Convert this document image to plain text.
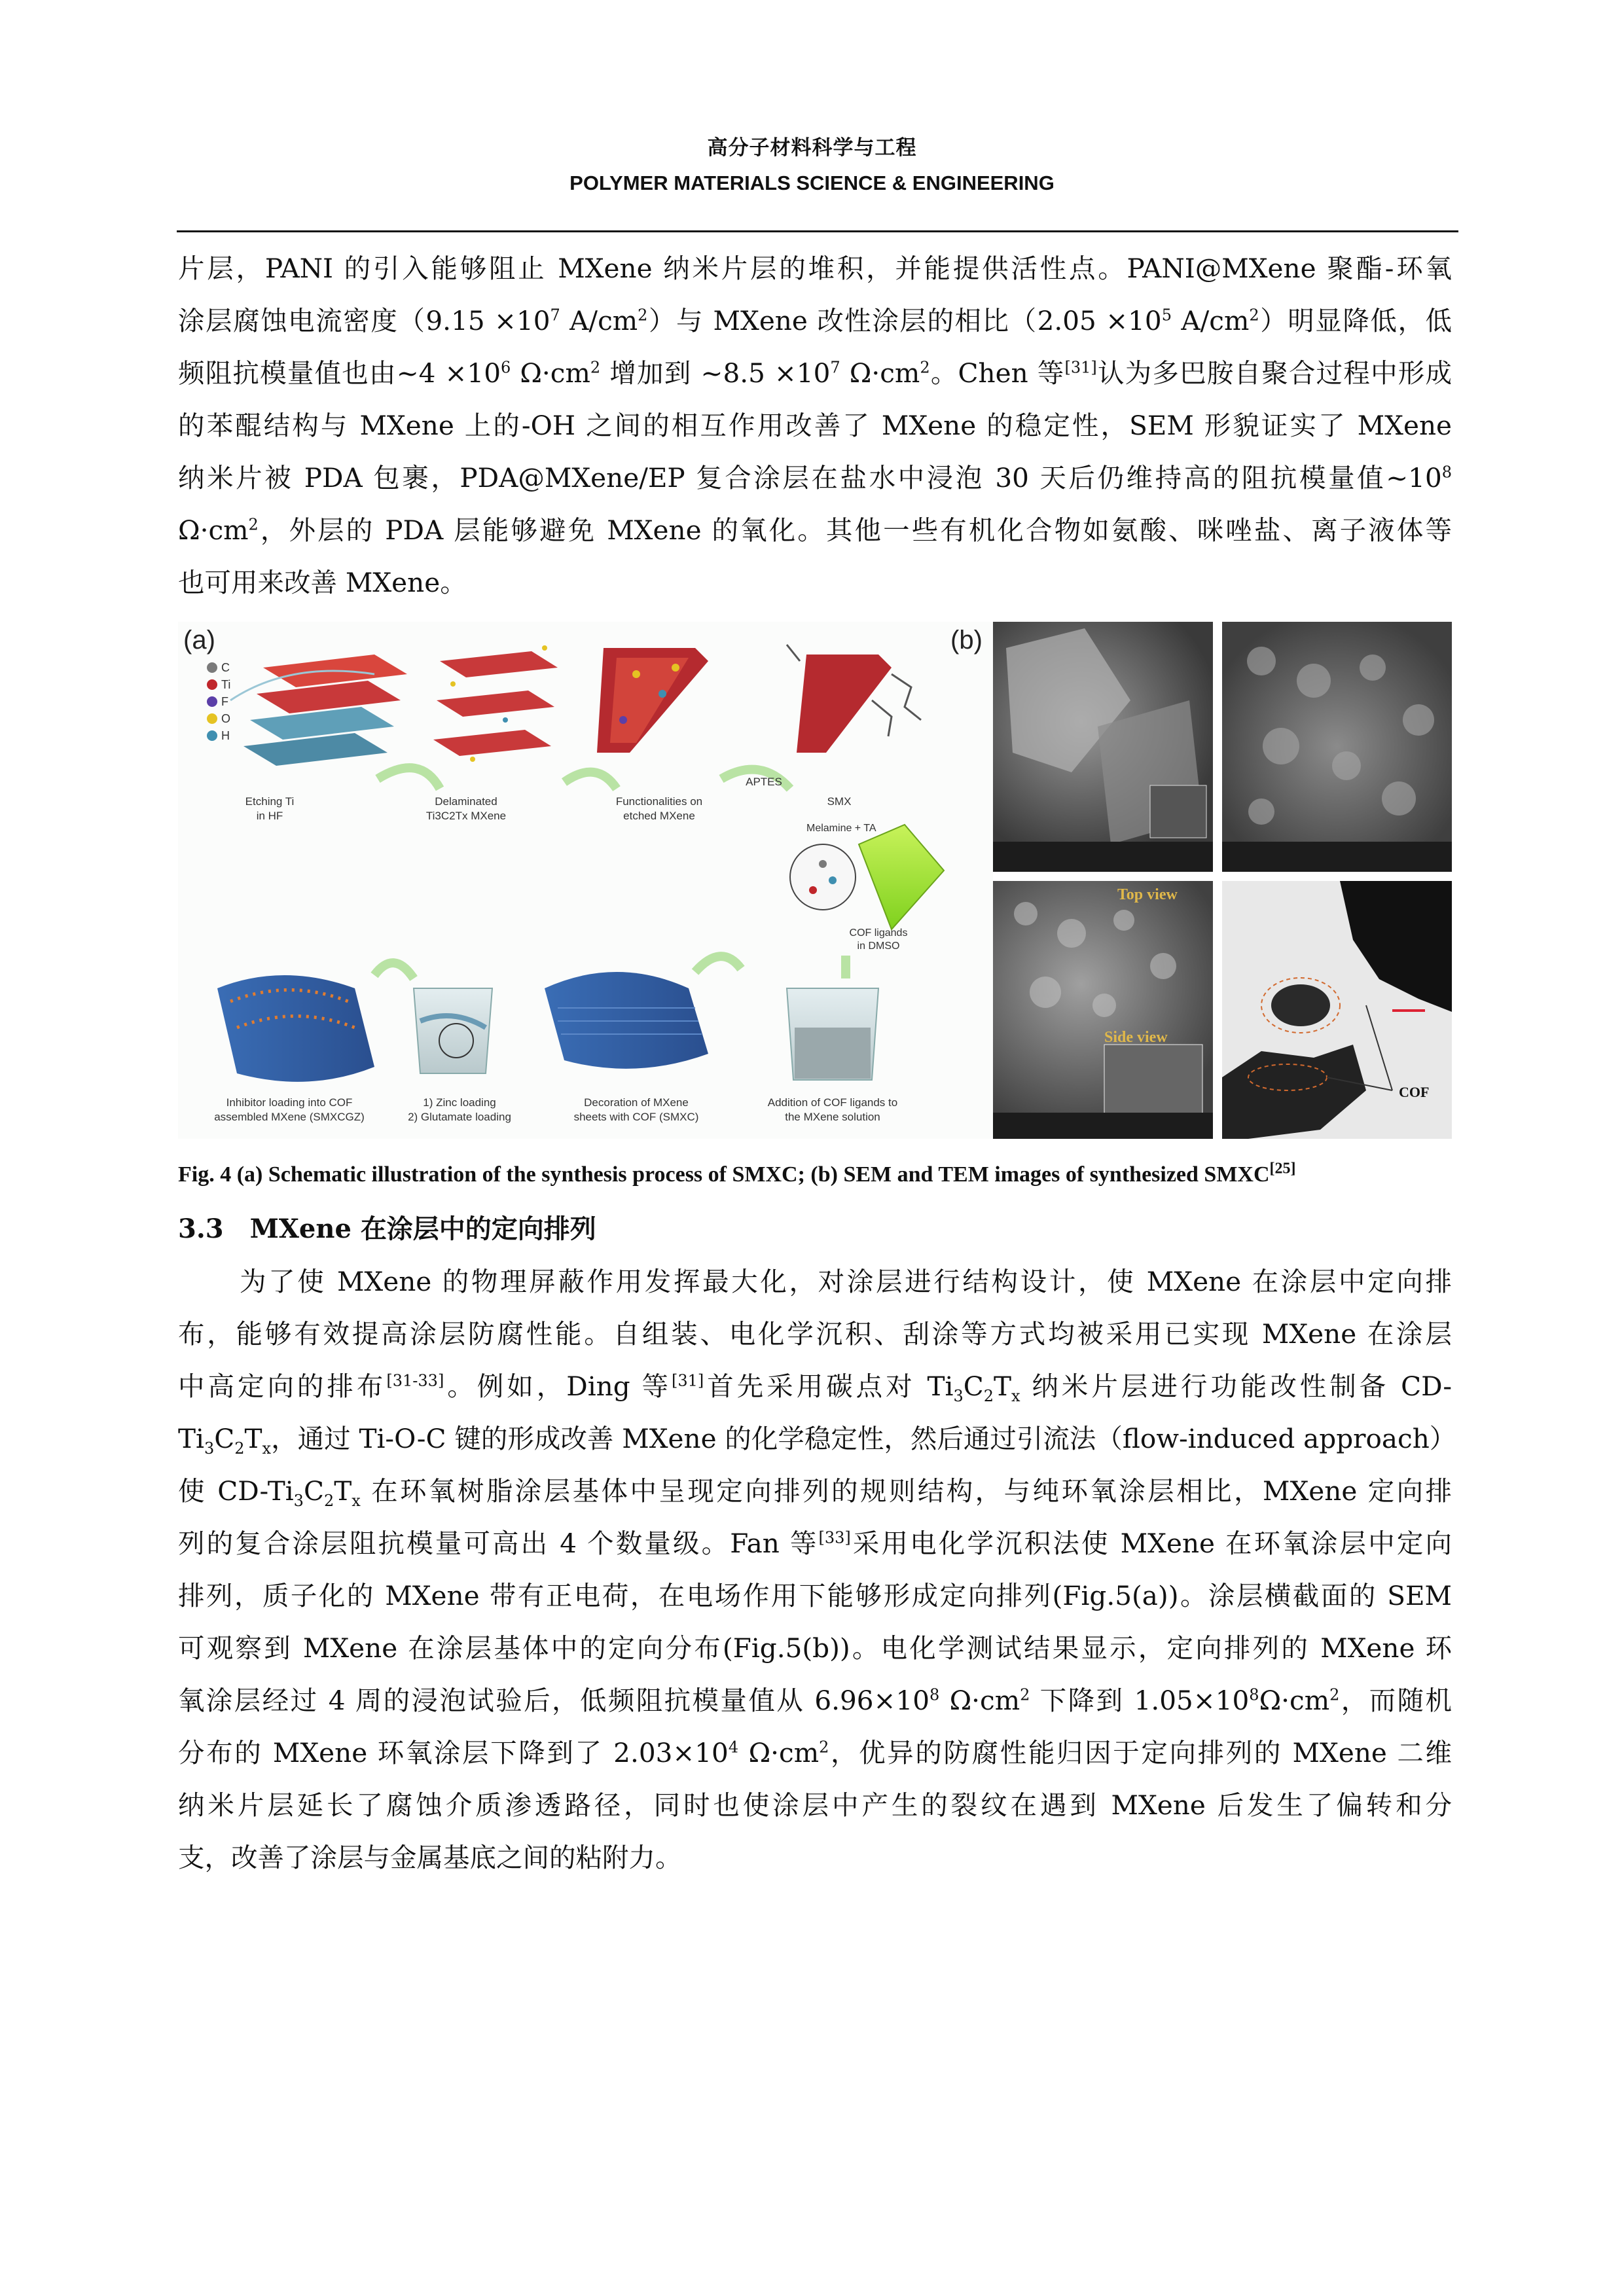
高分子材料科学与工程
POLYMER MATERIALS SCIENCE & ENGINEERING

片层，PANI 的引入能够阻止 MXene 纳米片层的堆积，并能提供活性点。PANI@MXene 聚酯-环氧

涂层腐蚀电流密度（$9.15 \times 10^7$ $A/cm^2$）与 MXene 改性涂层的相比（$2.05 \times 10^5$ $A/cm^2$）明显降低，低

频阻抗模量值也由~4 $\times 10^6$ $\Omega\cdot cm^2$ 增加到 ~8.5 $\times 10^7$ $\Omega\cdot cm^2$。Chen 等[31]认为多巴胺自聚合过程中形成

的苯醌结构与 MXene 上的-OH 之间的相互作用改善了 MXene 的稳定性，SEM 形貌证实了 MXene

纳米片被 PDA 包裹，PDA@MXene/EP 复合涂层在盐水中浸泡 30 天后仍维持高的阻抗模量值$\sim 10^8$

$\Omega\cdot cm^2$，外层的 PDA 层能够避免 MXene 的氧化。其他一些有机化合物如氨酸、咪唑盐、离子液体等

也可用来改善 MXene。

C
Ti
F
O
H
Etching Ti
in HF
Delaminated
Ti3C2Tx MXene
Functionalities on
etched MXene
APTES
SMX
Melamine + TA
COF ligands
in DMSO
Inhibitor loading into COF
assembled MXene (SMXCGZ)
1) Zinc loading
2) Glutamate loading
Decoration of MXene
sheets with COF (SMXC)
Addition of COF ligands to
the MXene solution
(a)	(b)
Top view
Side view
COF
Fig. 4 (a) Schematic illustration of the synthesis process of SMXC; (b) SEM and TEM images of synthesized SMXC[25]
3.3 MXene 在涂层中的定向排列

为了使 MXene 的物理屏蔽作用发挥最大化，对涂层进行结构设计，使 MXene 在涂层中定向排

布，能够有效提高涂层防腐性能。自组装、电化学沉积、刮涂等方式均被采用已实现 MXene 在涂层

中高定向的排布[31-33]。例如，Ding 等[31]首先采用碳点对 $Ti_3C_2T_x$ 纳米片层进行功能改性制备 CD-

$Ti_3C_2T_x$，通过 Ti-O-C 键的形成改善 MXene 的化学稳定性，然后通过引流法（flow-induced approach）

使 $CD-Ti_3C_2T_x$ 在环氧树脂涂层基体中呈现定向排列的规则结构，与纯环氧涂层相比，MXene 定向排

列的复合涂层阻抗模量可高出 4 个数量级。Fan 等[33]采用电化学沉积法使 MXene 在环氧涂层中定向

排列，质子化的 MXene 带有正电荷，在电场作用下能够形成定向排列(Fig.5(a))。涂层横截面的 SEM

可观察到 MXene 在涂层基体中的定向分布(Fig.5(b))。电化学测试结果显示，定向排列的 MXene 环

氧涂层经过 4 周的浸泡试验后，低频阻抗模量值从 $6.96\times 10^8$ $\Omega\cdot cm^2$ 下降到 $1.05\times 10^8\Omega\cdot cm^2$，而随机

分布的 MXene 环氧涂层下降到了 $2.03\times 10^4$ $\Omega\cdot cm^2$，优异的防腐性能归因于定向排列的 MXene 二维

纳米片层延长了腐蚀介质渗透路径，同时也使涂层中产生的裂纹在遇到 MXene 后发生了偏转和分

支，改善了涂层与金属基底之间的粘附力。
